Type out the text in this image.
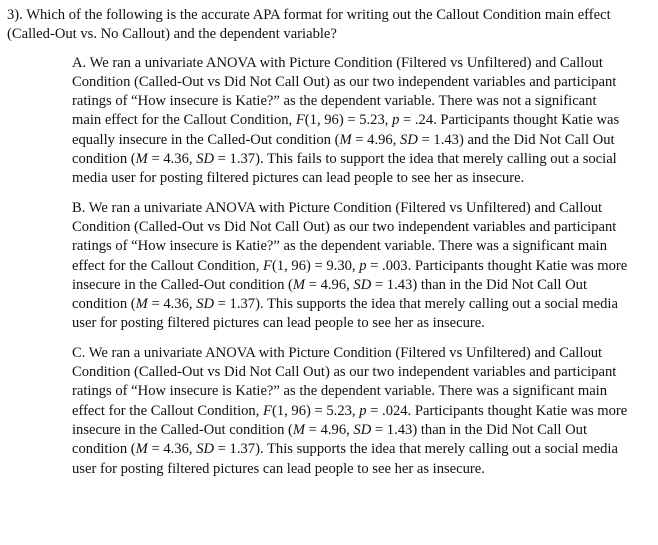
3). Which of the following is the accurate APA format for writing out the Callout Condition main effect (Called-Out vs. No Callout) and the dependent variable?

A. We ran a univariate ANOVA with Picture Condition (Filtered vs Unfiltered) and Callout Condition (Called-Out vs Did Not Call Out) as our two independent variables and participant ratings of “How insecure is Katie?” as the dependent variable. There was not a significant main effect for the Callout Condition, F(1, 96) = 5.23, p = .24. Participants thought Katie was equally insecure in the Called-Out condition (M = 4.96, SD = 1.43) and the Did Not Call Out condition (M = 4.36, SD = 1.37). This fails to support the idea that merely calling out a social media user for posting filtered pictures can lead people to see her as insecure.

B. We ran a univariate ANOVA with Picture Condition (Filtered vs Unfiltered) and Callout Condition (Called-Out vs Did Not Call Out) as our two independent variables and participant ratings of “How insecure is Katie?” as the dependent variable. There was a significant main effect for the Callout Condition, F(1, 96) = 9.30, p = .003. Participants thought Katie was more insecure in the Called-Out condition (M = 4.96, SD = 1.43) than in the Did Not Call Out condition (M = 4.36, SD = 1.37). This supports the idea that merely calling out a social media user for posting filtered pictures can lead people to see her as insecure.

C. We ran a univariate ANOVA with Picture Condition (Filtered vs Unfiltered) and Callout Condition (Called-Out vs Did Not Call Out) as our two independent variables and participant ratings of “How insecure is Katie?” as the dependent variable. There was a significant main effect for the Callout Condition, F(1, 96) = 5.23, p = .024. Participants thought Katie was more insecure in the Called-Out condition (M = 4.96, SD = 1.43) than in the Did Not Call Out condition (M = 4.36, SD = 1.37). This supports the idea that merely calling out a social media user for posting filtered pictures can lead people to see her as insecure.
